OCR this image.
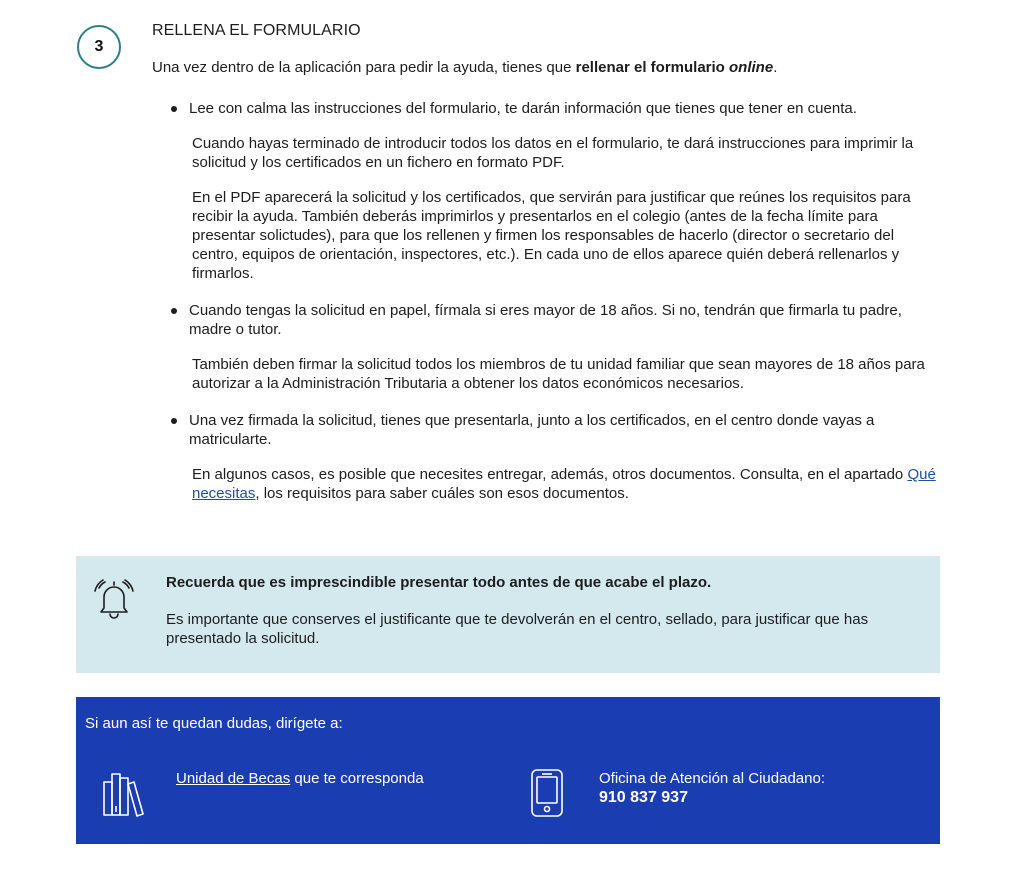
3
RELLENA EL FORMULARIO
Una vez dentro de la aplicación para pedir la ayuda, tienes que rellenar el formulario online.

Lee con calma las instrucciones del formulario, te darán información que tienes que tener en cuenta.

Cuando hayas terminado de introducir todos los datos en el formulario, te dará instrucciones para imprimir la solicitud y los certificados en un fichero en formato PDF.

En el PDF aparecerá la solicitud y los certificados, que servirán para justificar que reúnes los requisitos para recibir la ayuda. También deberás imprimirlos y presentarlos en el colegio (antes de la fecha límite para presentar solictudes), para que los rellenen y firmen los responsables de hacerlo (director o secretario del centro, equipos de orientación, inspectores, etc.). En cada uno de ellos aparece quién deberá rellenarlos y firmarlos.

Cuando tengas la solicitud en papel, fírmala si eres mayor de 18 años. Si no, tendrán que firmarla tu padre, madre o tutor.

También deben firmar la solicitud todos los miembros de tu unidad familiar que sean mayores de 18 años para autorizar a la Administración Tributaria a obtener los datos económicos necesarios.

Una vez firmada la solicitud, tienes que presentarla, junto a los certificados, en el centro donde vayas a matricularte.

En algunos casos, es posible que necesites entregar, además, otros documentos. Consulta, en el apartado Qué necesitas, los requisitos para saber cuáles son esos documentos.

Recuerda que es imprescindible presentar todo antes de que acabe el plazo.
Es importante que conserves el justificante que te devolverán en el centro, sellado, para justificar que has presentado la solicitud.
Si aun así te quedan dudas, dirígete a:
Unidad de Becas que te corresponda	Oficina de Atención al Ciudadano:
910 837 937
